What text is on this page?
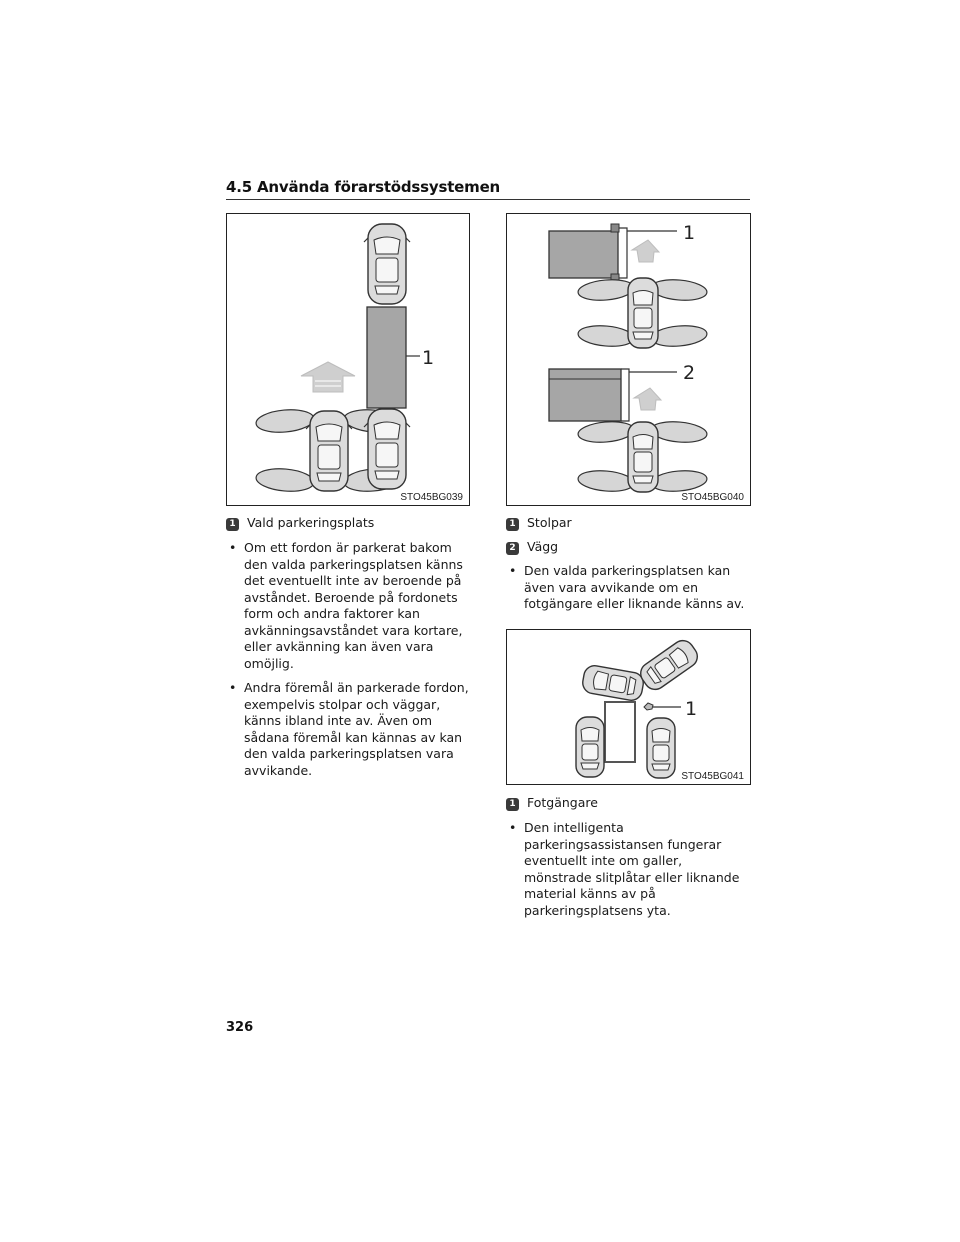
4.5 Använda förarstödssystemen
1
STO45BG039
1
2
STO45BG040
1 Vald parkeringsplats
• Om ett fordon är parkerat bakom den valda parkeringsplatsen känns det eventuellt inte av beroende på avståndet. Beroende på fordonets form och andra faktorer kan avkänningsavståndet vara kortare, eller avkänning kan även vara omöjlig.
• Andra föremål än parkerade fordon, exempelvis stolpar och väggar, känns ibland inte av. Även om sådana föremål kan kännas av kan den valda parkeringsplatsen vara avvikande.
1 Stolpar
2 Vägg
• Den valda parkeringsplatsen kan även vara avvikande om en fotgängare eller liknande känns av.
1
STO45BG041
1 Fotgängare
• Den intelligenta parkeringsassistansen fungerar eventuellt inte om galler, mönstrade slitplåtar eller liknande material känns av på parkeringsplatsens yta.
326
